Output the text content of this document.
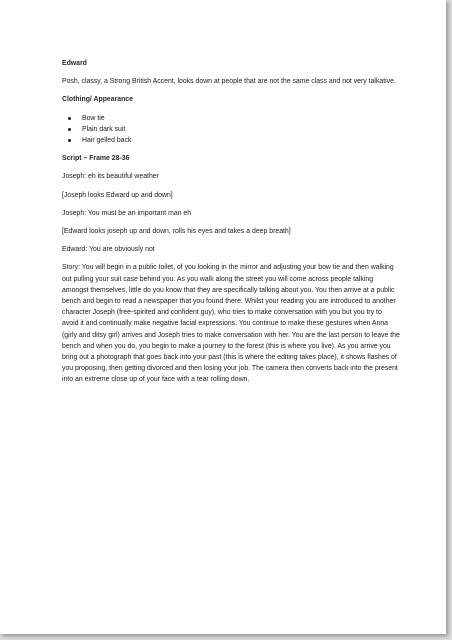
Edward

Posh, classy, a Strong British Accent, looks down at people that are not the same class and not very talkative.

Clothing/ Appearance

Bow tie
Plain dark suit
Hair gelled back

Script – Frame 28-36

Joseph: eh its beautiful weather

[Joseph looks Edward up and down]

Joseph: You must be an important man eh

[Edward looks joseph up and down, rolls his eyes and takes a deep breath]

Edward: You are obviously not

Story: You will begin in a public toilet, of you looking in the mirror and adjusting your bow tie and then walking out pulling your suit case behind you. As you walk along the street you will come across people talking amongst themselves, little do you know that they are specifically talking about you. You then arrive at a public bench and begin to read a newspaper that you found there. Whilst your reading you are introduced to another character Joseph (free-spirited and confident guy), who tries to make conversation with you but you try to avoid it and continually make negative facial expressions. You continue to make these gestures when Anna (girly and ditsy girl) arrives and Joseph tries to make conversation with her. You are the last person to leave the bench and when you do, you begin to make a journey to the forest (this is where you live). As you arrive you bring out a photograph that goes back into your past (this is where the editing takes place), it shows flashes of you proposing, then getting divorced and then losing your job. The camera then converts back into the present into an extreme close up of your face with a tear rolling down.
